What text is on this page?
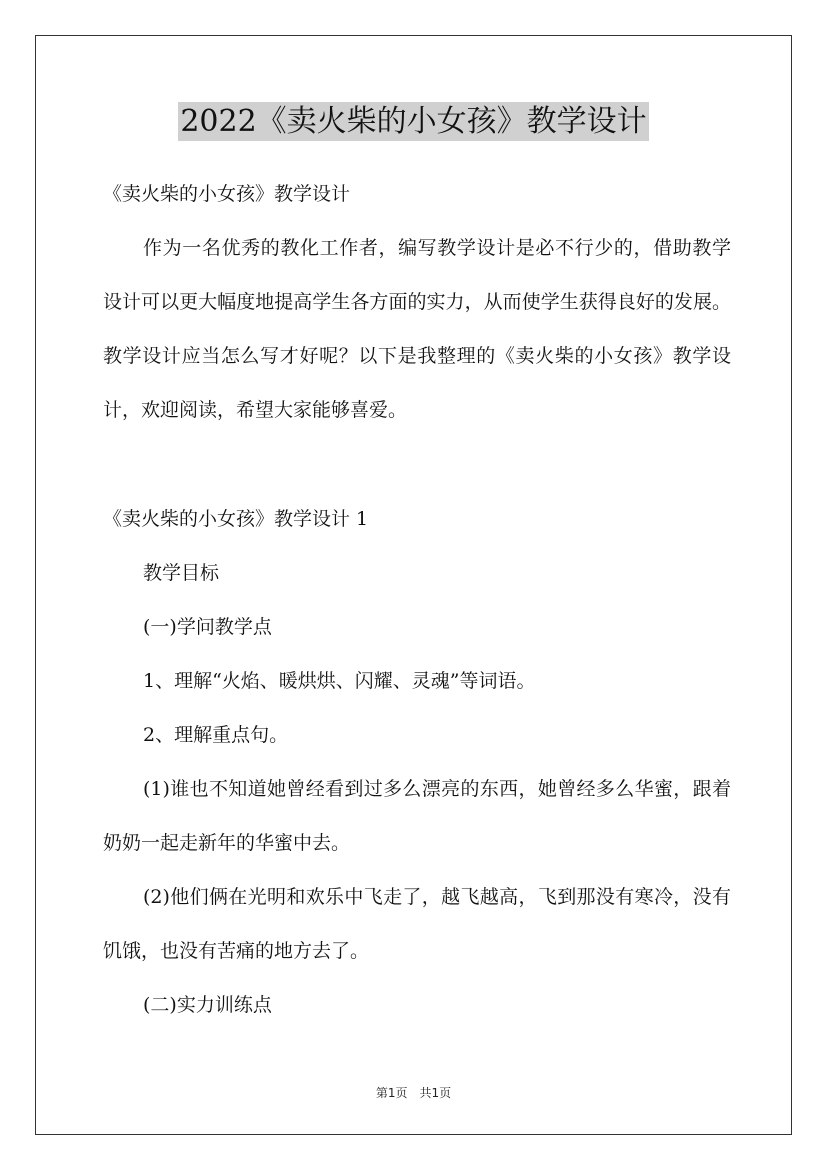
2022《卖火柴的小女孩》教学设计

《卖火柴的小女孩》教学设计

作为一名优秀的教化工作者，编写教学设计是必不行少的，借助教学设计可以更大幅度地提高学生各方面的实力，从而使学生获得良好的发展。教学设计应当怎么写才好呢？以下是我整理的《卖火柴的小女孩》教学设计，欢迎阅读，希望大家能够喜爱。

《卖火柴的小女孩》教学设计 1

教学目标

(一)学问教学点

1、理解“火焰、暖烘烘、闪耀、灵魂”等词语。

2、理解重点句。

(1)谁也不知道她曾经看到过多么漂亮的东西，她曾经多么华蜜，跟着奶奶一起走新年的华蜜中去。

(2)他们俩在光明和欢乐中飞走了，越飞越高，飞到那没有寒冷，没有饥饿，也没有苦痛的地方去了。

(二)实力训练点

第1页　共1页
